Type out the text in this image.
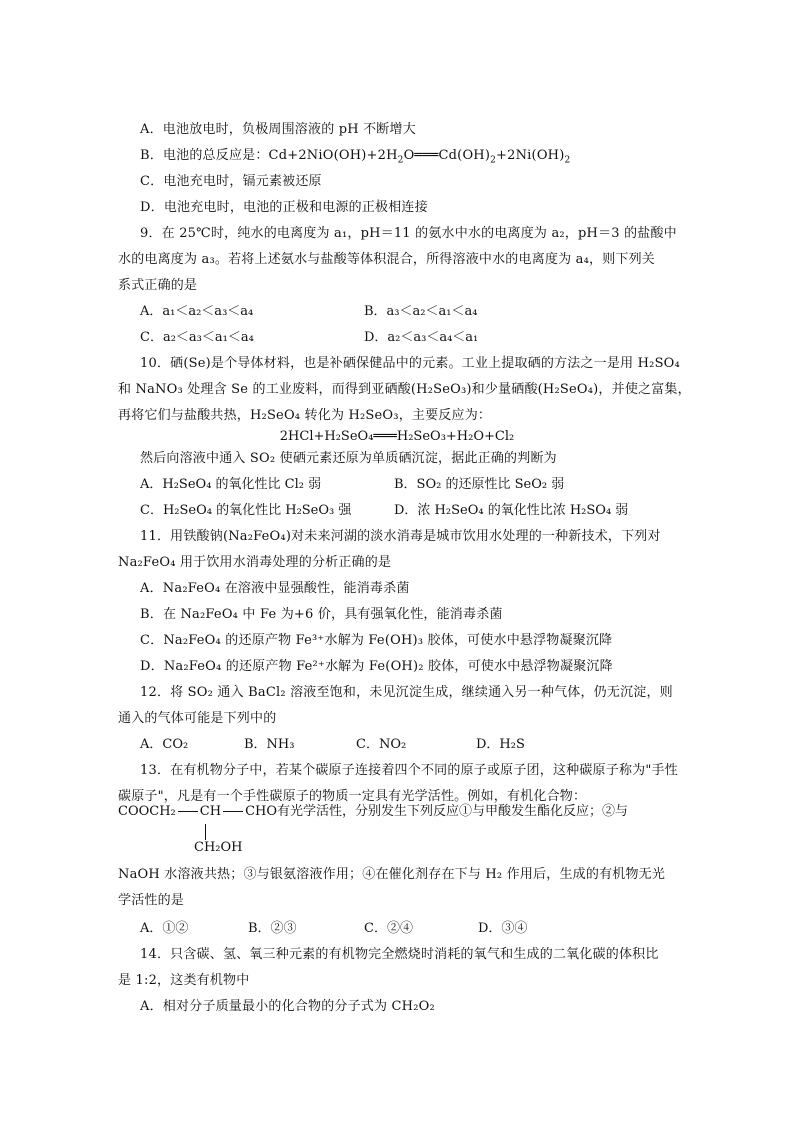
A．电池放电时，负极周围溶液的 pH 不断增大
B．电池的总反应是：$Cd+2NiO(OH)+2H_2O═══Cd(OH)_2+2Ni(OH)_2$
C．电池充电时，镉元素被还原
D．电池充电时，电池的正极和电源的正极相连接
9．在 25℃时，纯水的电离度为 a₁，pH＝11 的氨水中水的电离度为 a₂，pH＝3 的盐酸中
水的电离度为 a₃。若将上述氨水与盐酸等体积混合，所得溶液中水的电离度为 a₄，则下列关
系式正确的是
A．a₁＜a₂＜a₃＜a₄	B．a₃＜a₂＜a₁＜a₄
C．a₂＜a₃＜a₁＜a₄	D．a₂＜a₃＜a₄＜a₁
10．硒(Se)是个导体材料，也是补硒保健品中的元素。工业上提取硒的方法之一是用 H₂SO₄
和 NaNO₃ 处理含 Se 的工业废料，而得到亚硒酸(H₂SeO₃)和少量硒酸(H₂SeO₄)，并使之富集，
再将它们与盐酸共热，H₂SeO₄ 转化为 H₂SeO₃，主要反应为：
2HCl+H₂SeO₄═══H₂SeO₃+H₂O+Cl₂
然后向溶液中通入 SO₂ 使硒元素还原为单质硒沉淀，据此正确的判断为
A．H₂SeO₄ 的氧化性比 Cl₂ 弱	B．SO₂ 的还原性比 SeO₂ 弱
C．H₂SeO₄ 的氧化性比 H₂SeO₃ 强	D．浓 H₂SeO₄ 的氧化性比浓 H₂SO₄ 弱
11．用铁酸钠(Na₂FeO₄)对未来河湖的淡水消毒是城市饮用水处理的一种新技术，下列对
Na₂FeO₄ 用于饮用水消毒处理的分析正确的是
A．Na₂FeO₄ 在溶液中显强酸性，能消毒杀菌
B．在 Na₂FeO₄ 中 Fe 为+6 价，具有强氧化性，能消毒杀菌
C．Na₂FeO₄ 的还原产物 Fe³⁺水解为 Fe(OH)₃ 胶体，可使水中悬浮物凝聚沉降
D．Na₂FeO₄ 的还原产物 Fe²⁺水解为 Fe(OH)₂ 胶体，可使水中悬浮物凝聚沉降
12．将 SO₂ 通入 BaCl₂ 溶液至饱和，未见沉淀生成，继续通入另一种气体，仍无沉淀，则
通入的气体可能是下列中的
A．CO₂	B．NH₃	C．NO₂	D．H₂S
13．在有机物分子中，若某个碳原子连接着四个不同的原子或原子团，这种碳原子称为"手性
碳原子"，凡是有一个手性碳原子的物质一定具有光学活性。例如，有机化合物：
COOCH₂ CH CHO有光学活性，分别发生下列反应①与甲酸发生酯化反应；②与
CH₂OH
NaOH 水溶液共热；③与银氨溶液作用；④在催化剂存在下与 H₂ 作用后，生成的有机物无光
学活性的是
A．①②	B．②③	C．②④	D．③④
14．只含碳、氢、氧三种元素的有机物完全燃烧时消耗的氧气和生成的二氧化碳的体积比
是 1:2，这类有机物中
A．相对分子质量最小的化合物的分子式为 CH₂O₂
